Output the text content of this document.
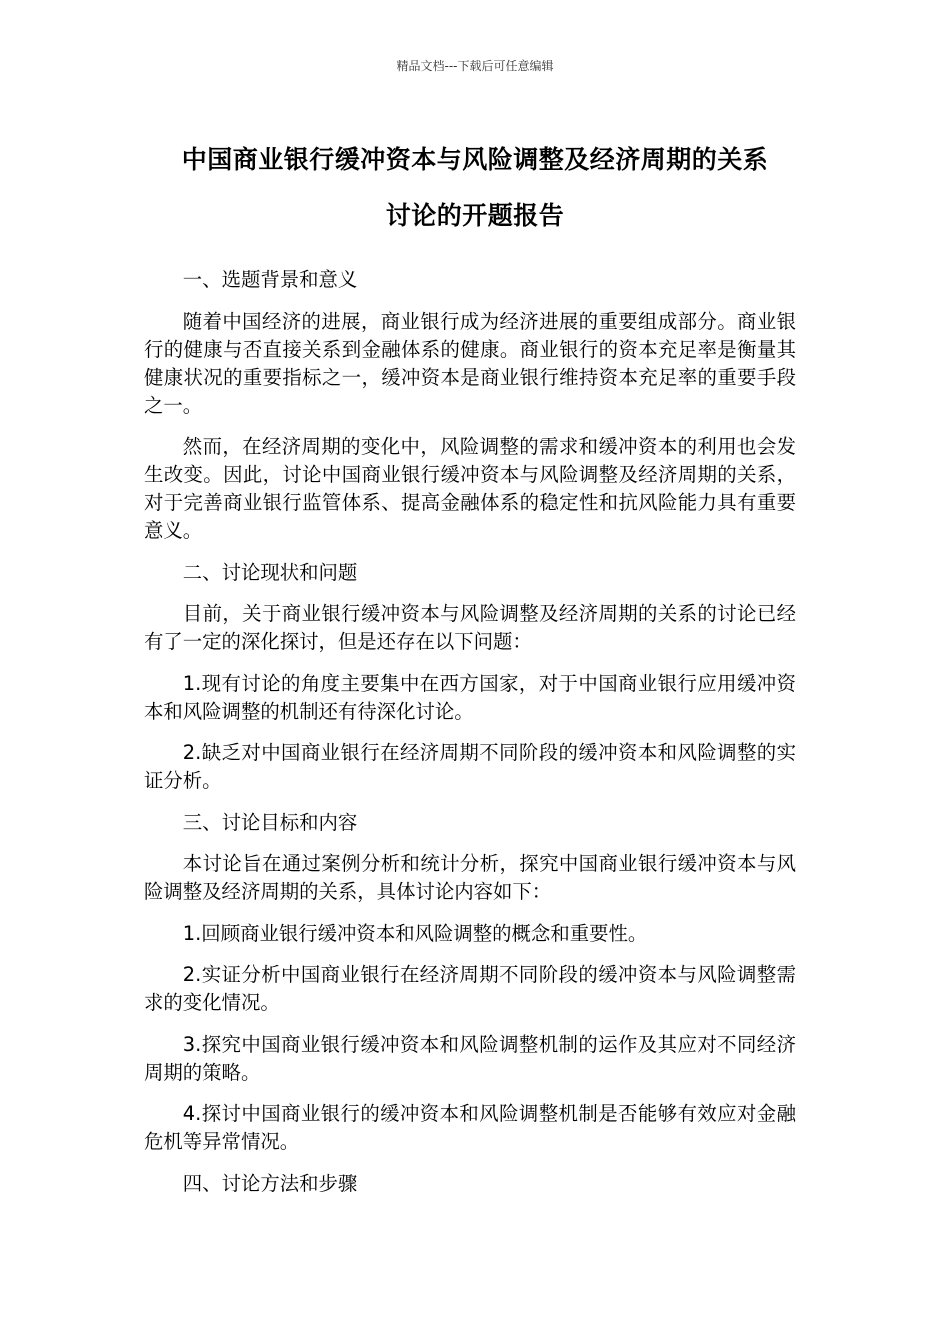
精品文档---下载后可任意编辑
中国商业银行缓冲资本与风险调整及经济周期的关系
讨论的开题报告

一、选题背景和意义

随着中国经济的进展，商业银行成为经济进展的重要组成部分。商业银行的健康与否直接关系到金融体系的健康。商业银行的资本充足率是衡量其健康状况的重要指标之一，缓冲资本是商业银行维持资本充足率的重要手段之一。

然而，在经济周期的变化中，风险调整的需求和缓冲资本的利用也会发生改变。因此，讨论中国商业银行缓冲资本与风险调整及经济周期的关系，对于完善商业银行监管体系、提高金融体系的稳定性和抗风险能力具有重要意义。

二、讨论现状和问题

目前，关于商业银行缓冲资本与风险调整及经济周期的关系的讨论已经有了一定的深化探讨，但是还存在以下问题：

1.现有讨论的角度主要集中在西方国家，对于中国商业银行应用缓冲资本和风险调整的机制还有待深化讨论。

2.缺乏对中国商业银行在经济周期不同阶段的缓冲资本和风险调整的实证分析。

三、讨论目标和内容

本讨论旨在通过案例分析和统计分析，探究中国商业银行缓冲资本与风险调整及经济周期的关系，具体讨论内容如下：

1.回顾商业银行缓冲资本和风险调整的概念和重要性。

2.实证分析中国商业银行在经济周期不同阶段的缓冲资本与风险调整需求的变化情况。

3.探究中国商业银行缓冲资本和风险调整机制的运作及其应对不同经济周期的策略。

4.探讨中国商业银行的缓冲资本和风险调整机制是否能够有效应对金融危机等异常情况。

四、讨论方法和步骤
